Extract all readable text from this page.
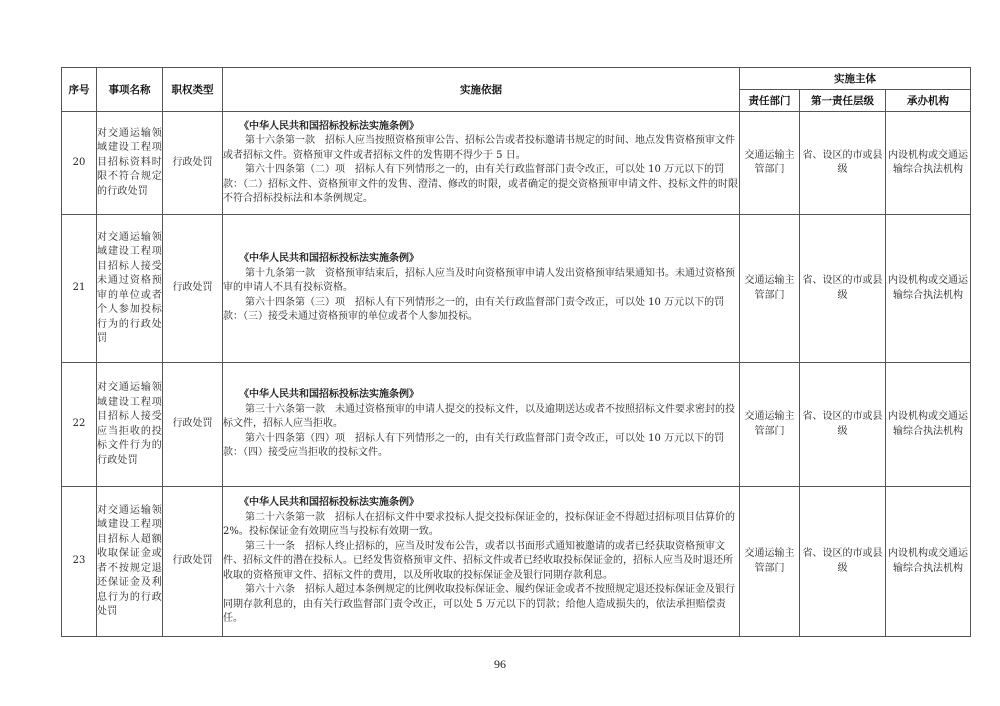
序号	事项名称	职权类型	实施依据	实施主体		
				责任部门	第一责任层级	承办机构
20	对交通运输领域建设工程项目招标资料时限不符合规定的行政处罚	行政处罚	《中华人民共和国招标投标法实施条例》

第十六条第一款　招标人应当按照资格预审公告、招标公告或者投标邀请书规定的时间、地点发售资格预审文件或者招标文件。资格预审文件或者招标文件的发售期不得少于 5 日。

第六十四条第（二）项　招标人有下列情形之一的，由有关行政监督部门责令改正，可以处 10 万元以下的罚款：（二）招标文件、资格预审文件的发售、澄清、修改的时限，或者确定的提交资格预审申请文件、投标文件的时限不符合招标投标法和本条例规定。	交通运输主管部门	省、设区的市或县级	内设机构或交通运输综合执法机构
21	对交通运输领域建设工程项目招标人接受未通过资格预审的单位或者个人参加投标行为的行政处罚	行政处罚	《中华人民共和国招标投标法实施条例》

第十九条第一款　资格预审结束后，招标人应当及时向资格预审申请人发出资格预审结果通知书。未通过资格预审的申请人不具有投标资格。

第六十四条第（三）项　招标人有下列情形之一的，由有关行政监督部门责令改正，可以处 10 万元以下的罚款：（三）接受未通过资格预审的单位或者个人参加投标。	交通运输主管部门	省、设区的市或县级	内设机构或交通运输综合执法机构
22	对交通运输领域建设工程项目招标人接受应当拒收的投标文件行为的行政处罚	行政处罚	《中华人民共和国招标投标法实施条例》

第三十六条第一款　未通过资格预审的申请人提交的投标文件，以及逾期送达或者不按照招标文件要求密封的投标文件，招标人应当拒收。

第六十四条第（四）项　招标人有下列情形之一的，由有关行政监督部门责令改正，可以处 10 万元以下的罚款：（四）接受应当拒收的投标文件。	交通运输主管部门	省、设区的市或县级	内设机构或交通运输综合执法机构
23	对交通运输领域建设工程项目招标人超额收取保证金或者不按规定退还保证金及利息行为的行政处罚	行政处罚	《中华人民共和国招标投标法实施条例》

第二十六条第一款　招标人在招标文件中要求投标人提交投标保证金的，投标保证金不得超过招标项目估算价的 2%。投标保证金有效期应当与投标有效期一致。

第三十一条　招标人终止招标的，应当及时发布公告，或者以书面形式通知被邀请的或者已经获取资格预审文件、招标文件的潜在投标人。已经发售资格预审文件、招标文件或者已经收取投标保证金的，招标人应当及时退还所收取的资格预审文件、招标文件的费用，以及所收取的投标保证金及银行同期存款利息。

第六十六条　招标人超过本条例规定的比例收取投标保证金、履约保证金或者不按照规定退还投标保证金及银行同期存款利息的，由有关行政监督部门责令改正，可以处 5 万元以下的罚款；给他人造成损失的，依法承担赔偿责任。	交通运输主管部门	省、设区的市或县级	内设机构或交通运输综合执法机构
96
